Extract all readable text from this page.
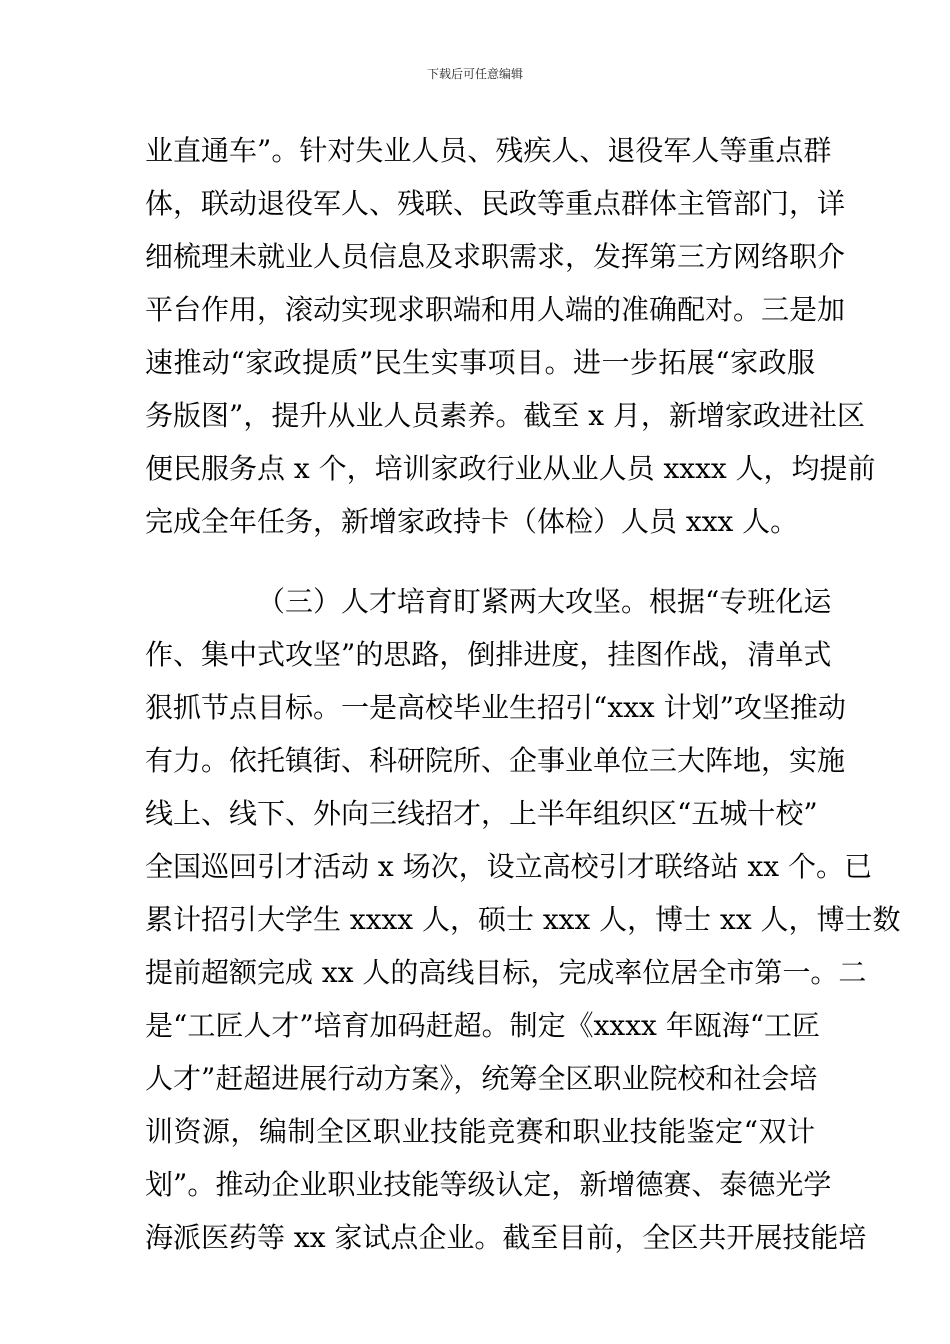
下载后可任意编辑
业直通车”。针对失业人员、残疾人、退役军人等重点群
体，联动退役军人、残联、民政等重点群体主管部门，详
细梳理未就业人员信息及求职需求，发挥第三方网络职介
平台作用，滚动实现求职端和用人端的准确配对。三是加
速推动“家政提质”民生实事项目。进一步拓展“家政服
务版图”，提升从业人员素养。截至 x 月，新增家政进社区
便民服务点 x 个，培训家政行业从业人员 xxxx 人，均提前
完成全年任务，新增家政持卡（体检）人员 xxx 人。
（三）人才培育盯紧两大攻坚。根据“专班化运
作、集中式攻坚”的思路，倒排进度，挂图作战，清单式
狠抓节点目标。一是高校毕业生招引“xxx 计划”攻坚推动
有力。依托镇街、科研院所、企事业单位三大阵地，实施
线上、线下、外向三线招才，上半年组织区“五城十校”
全国巡回引才活动 x 场次，设立高校引才联络站 xx 个。已
累计招引大学生 xxxx 人，硕士 xxx 人，博士 xx 人，博士数
提前超额完成 xx 人的高线目标，完成率位居全市第一。二
是“工匠人才”培育加码赶超。制定《xxxx 年瓯海“工匠
人才”赶超进展行动方案》，统筹全区职业院校和社会培
训资源，编制全区职业技能竞赛和职业技能鉴定“双计
划”。推动企业职业技能等级认定，新增德赛、泰德光学
海派医药等 xx 家试点企业。截至目前，全区共开展技能培
